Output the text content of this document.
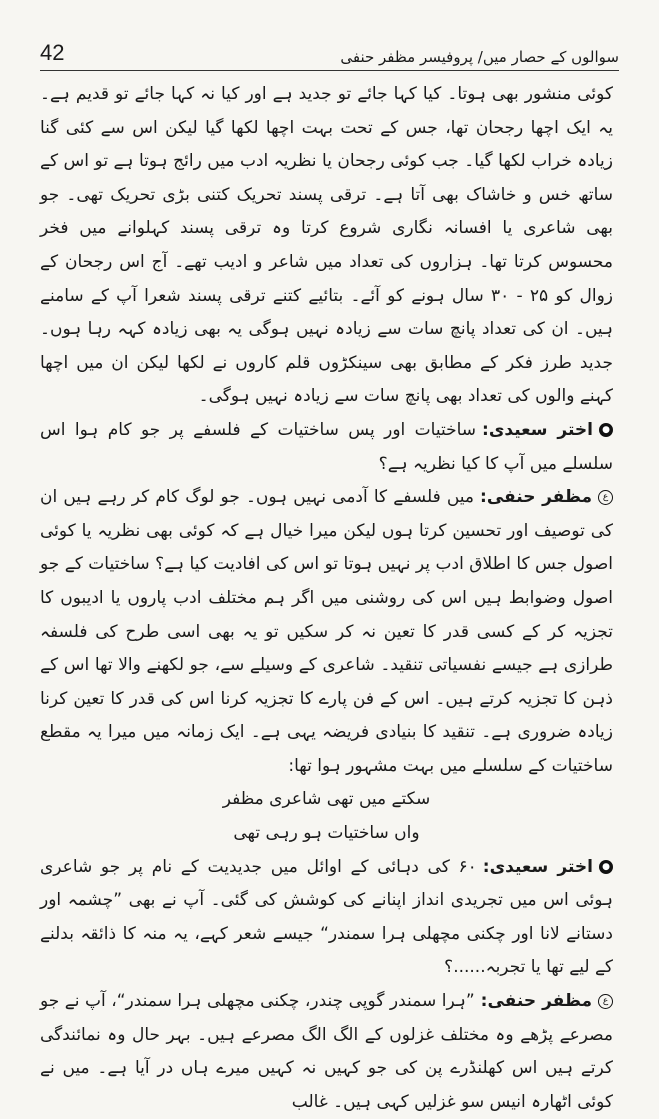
42	سوالوں کے حصار میں/ پروفیسر مظفر حنفی

کوئی منشور بھی ہوتا۔ کیا کہا جائے تو جدید ہے اور کیا نہ کہا جائے تو قدیم ہے۔ یہ ایک اچھا رجحان تھا، جس کے تحت بہت اچھا لکھا گیا لیکن اس سے کئی گنا زیادہ خراب لکھا گیا۔ جب کوئی رجحان یا نظریہ ادب میں رائج ہوتا ہے تو اس کے ساتھ خس و خاشاک بھی آتا ہے۔ ترقی پسند تحریک کتنی بڑی تحریک تھی۔ جو بھی شاعری یا افسانہ نگاری شروع کرتا وہ ترقی پسند کہلوانے میں فخر محسوس کرتا تھا۔ ہزاروں کی تعداد میں شاعر و ادیب تھے۔ آج اس رجحان کے زوال کو ۲۵ - ۳۰ سال ہونے کو آئے۔ بتائیے کتنے ترقی پسند شعرا آپ کے سامنے ہیں۔ ان کی تعداد پانچ سات سے زیادہ نہیں ہوگی یہ بھی زیادہ کہہ رہا ہوں۔ جدید طرز فکر کے مطابق بھی سینکڑوں قلم کاروں نے لکھا لیکن ان میں اچھا کہنے والوں کی تعداد بھی پانچ سات سے زیادہ نہیں ہوگی۔

●اختر سعیدی:ساختیات اور پس ساختیات کے فلسفے پر جو کام ہوا اس سلسلے میں آپ کا کیا نظریہ ہے؟

عمظفر حنفی:میں فلسفے کا آدمی نہیں ہوں۔ جو لوگ کام کر رہے ہیں ان کی توصیف اور تحسین کرتا ہوں لیکن میرا خیال ہے کہ کوئی بھی نظریہ یا کوئی اصول جس کا اطلاق ادب پر نہیں ہوتا تو اس کی افادیت کیا ہے؟ ساختیات کے جو اصول وضوابط ہیں اس کی روشنی میں اگر ہم مختلف ادب پاروں یا ادیبوں کا تجزیہ کر کے کسی قدر کا تعین نہ کر سکیں تو یہ بھی اسی طرح کی فلسفہ طرازی ہے جیسے نفسیاتی تنقید۔ شاعری کے وسیلے سے، جو لکھنے والا تھا اس کے ذہن کا تجزیہ کرتے ہیں۔ اس کے فن پارے کا تجزیہ کرنا اس کی قدر کا تعین کرنا زیادہ ضروری ہے۔ تنقید کا بنیادی فریضہ یہی ہے۔ ایک زمانہ میں میرا یہ مقطع ساختیات کے سلسلے میں بہت مشہور ہوا تھا:

سکتے میں تھی شاعری مظفر

واں ساختیات ہو رہی تھی

●اختر سعیدی:۶۰ کی دہائی کے اوائل میں جدیدیت کے نام پر جو شاعری ہوئی اس میں تجریدی انداز اپنانے کی کوشش کی گئی۔ آپ نے بھی ”چشمہ اور دستانے لانا اور چکنی مچھلی ہرا سمندر“ جیسے شعر کہے، یہ منہ کا ذائقہ بدلنے کے لیے تھا یا تجربہ......؟

عمظفر حنفی:”ہرا سمندر گوپی چندر، چکنی مچھلی ہرا سمندر“، آپ نے جو مصرعے پڑھے وہ مختلف غزلوں کے الگ الگ مصرعے ہیں۔ بہر حال وہ نمائندگی کرتے ہیں اس کھلنڈرے پن کی جو کہیں نہ کہیں میرے ہاں در آیا ہے۔ میں نے کوئی اٹھارہ انیس سو غزلیں کہی ہیں۔ غالب
